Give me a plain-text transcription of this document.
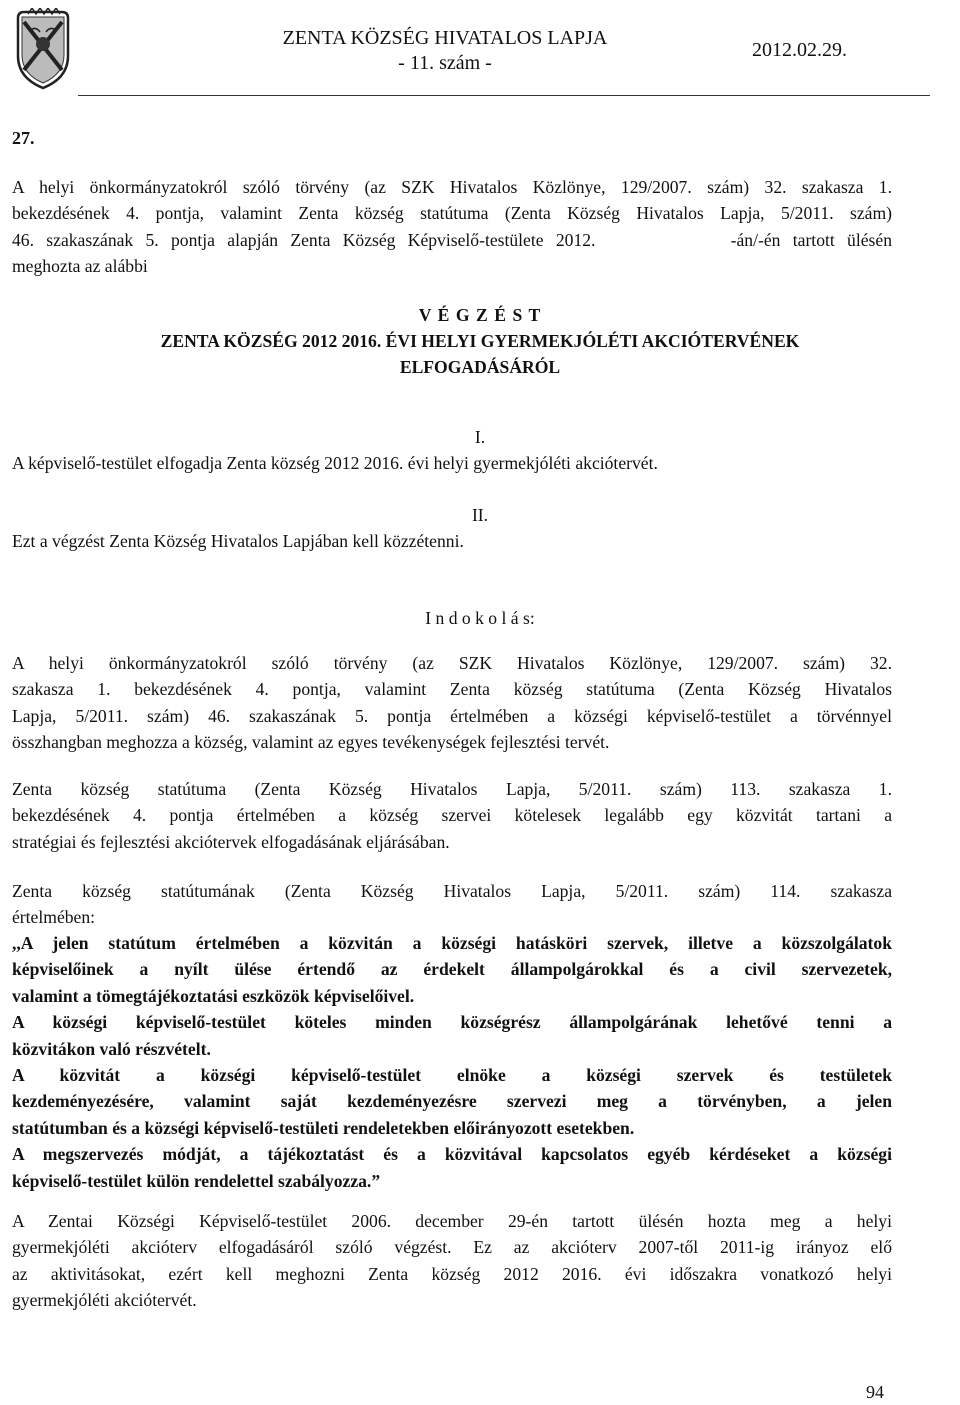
ZENTA KÖZSÉG HIVATALOS LAPJA
- 11. szám -
2012.02.29.
27.
A helyi önkormányzatokról szóló törvény (az SZK Hivatalos Közlönye, 129/2007. szám) 32. szakasza 1.
bekezdésének 4. pontja, valamint Zenta község statútuma (Zenta Község Hivatalos Lapja, 5/2011. szám)
46. szakaszának 5. pontja alapján Zenta Község Képviselő-testülete 2012.           -án/-én tartott ülésén
meghozta az alábbi
V É G Z É S T
ZENTA KÖZSÉG 2012 2016. ÉVI HELYI GYERMEKJÓLÉTI AKCIÓTERVÉNEK
ELFOGADÁSÁRÓL
I.
A képviselő-testület elfogadja Zenta község 2012 2016. évi helyi gyermekjóléti akciótervét.
II.
Ezt a végzést Zenta Község Hivatalos Lapjában kell közzétenni.
I n d o k o l á s:
A helyi önkormányzatokról szóló törvény (az SZK Hivatalos Közlönye, 129/2007. szám) 32.
szakasza 1. bekezdésének 4. pontja, valamint Zenta község statútuma (Zenta Község Hivatalos
Lapja, 5/2011. szám) 46. szakaszának 5. pontja értelmében a községi képviselő-testület a törvénnyel
összhangban meghozza a község, valamint az egyes tevékenységek fejlesztési tervét.
Zenta község statútuma (Zenta Község Hivatalos Lapja, 5/2011. szám) 113. szakasza 1.
bekezdésének 4. pontja értelmében a község szervei kötelesek legalább egy közvitát tartani a
stratégiai és fejlesztési akciótervek elfogadásának eljárásában.
Zenta község statútumának (Zenta Község Hivatalos Lapja, 5/2011. szám) 114. szakasza
értelmében:
,,A jelen statútum értelmében a közvitán a községi hatásköri szervek, illetve a közszolgálatok
képviselőinek a nyílt ülése értendő az érdekelt állampolgárokkal és a civil szervezetek,
valamint a tömegtájékoztatási eszközök képviselőivel.
A községi képviselő-testület köteles minden községrész állampolgárának lehetővé tenni a
közvitákon való részvételt.
A közvitát a községi képviselő-testület elnöke a községi szervek és testületek
kezdeményezésére, valamint saját kezdeményezésre szervezi meg a törvényben, a jelen
statútumban és a községi képviselő-testületi rendeletekben előirányozott esetekben.
A megszervezés módját, a tájékoztatást és a közvitával kapcsolatos egyéb kérdéseket a községi
képviselő-testület külön rendelettel szabályozza.”
A Zentai Községi Képviselő-testület 2006. december 29-én tartott ülésén hozta meg a helyi
gyermekjóléti akcióterv elfogadásáról szóló végzést. Ez az akcióterv 2007-től 2011-ig irányoz elő
az aktivitásokat, ezért kell meghozni Zenta község 2012 2016. évi időszakra vonatkozó helyi
gyermekjóléti akciótervét.
94
